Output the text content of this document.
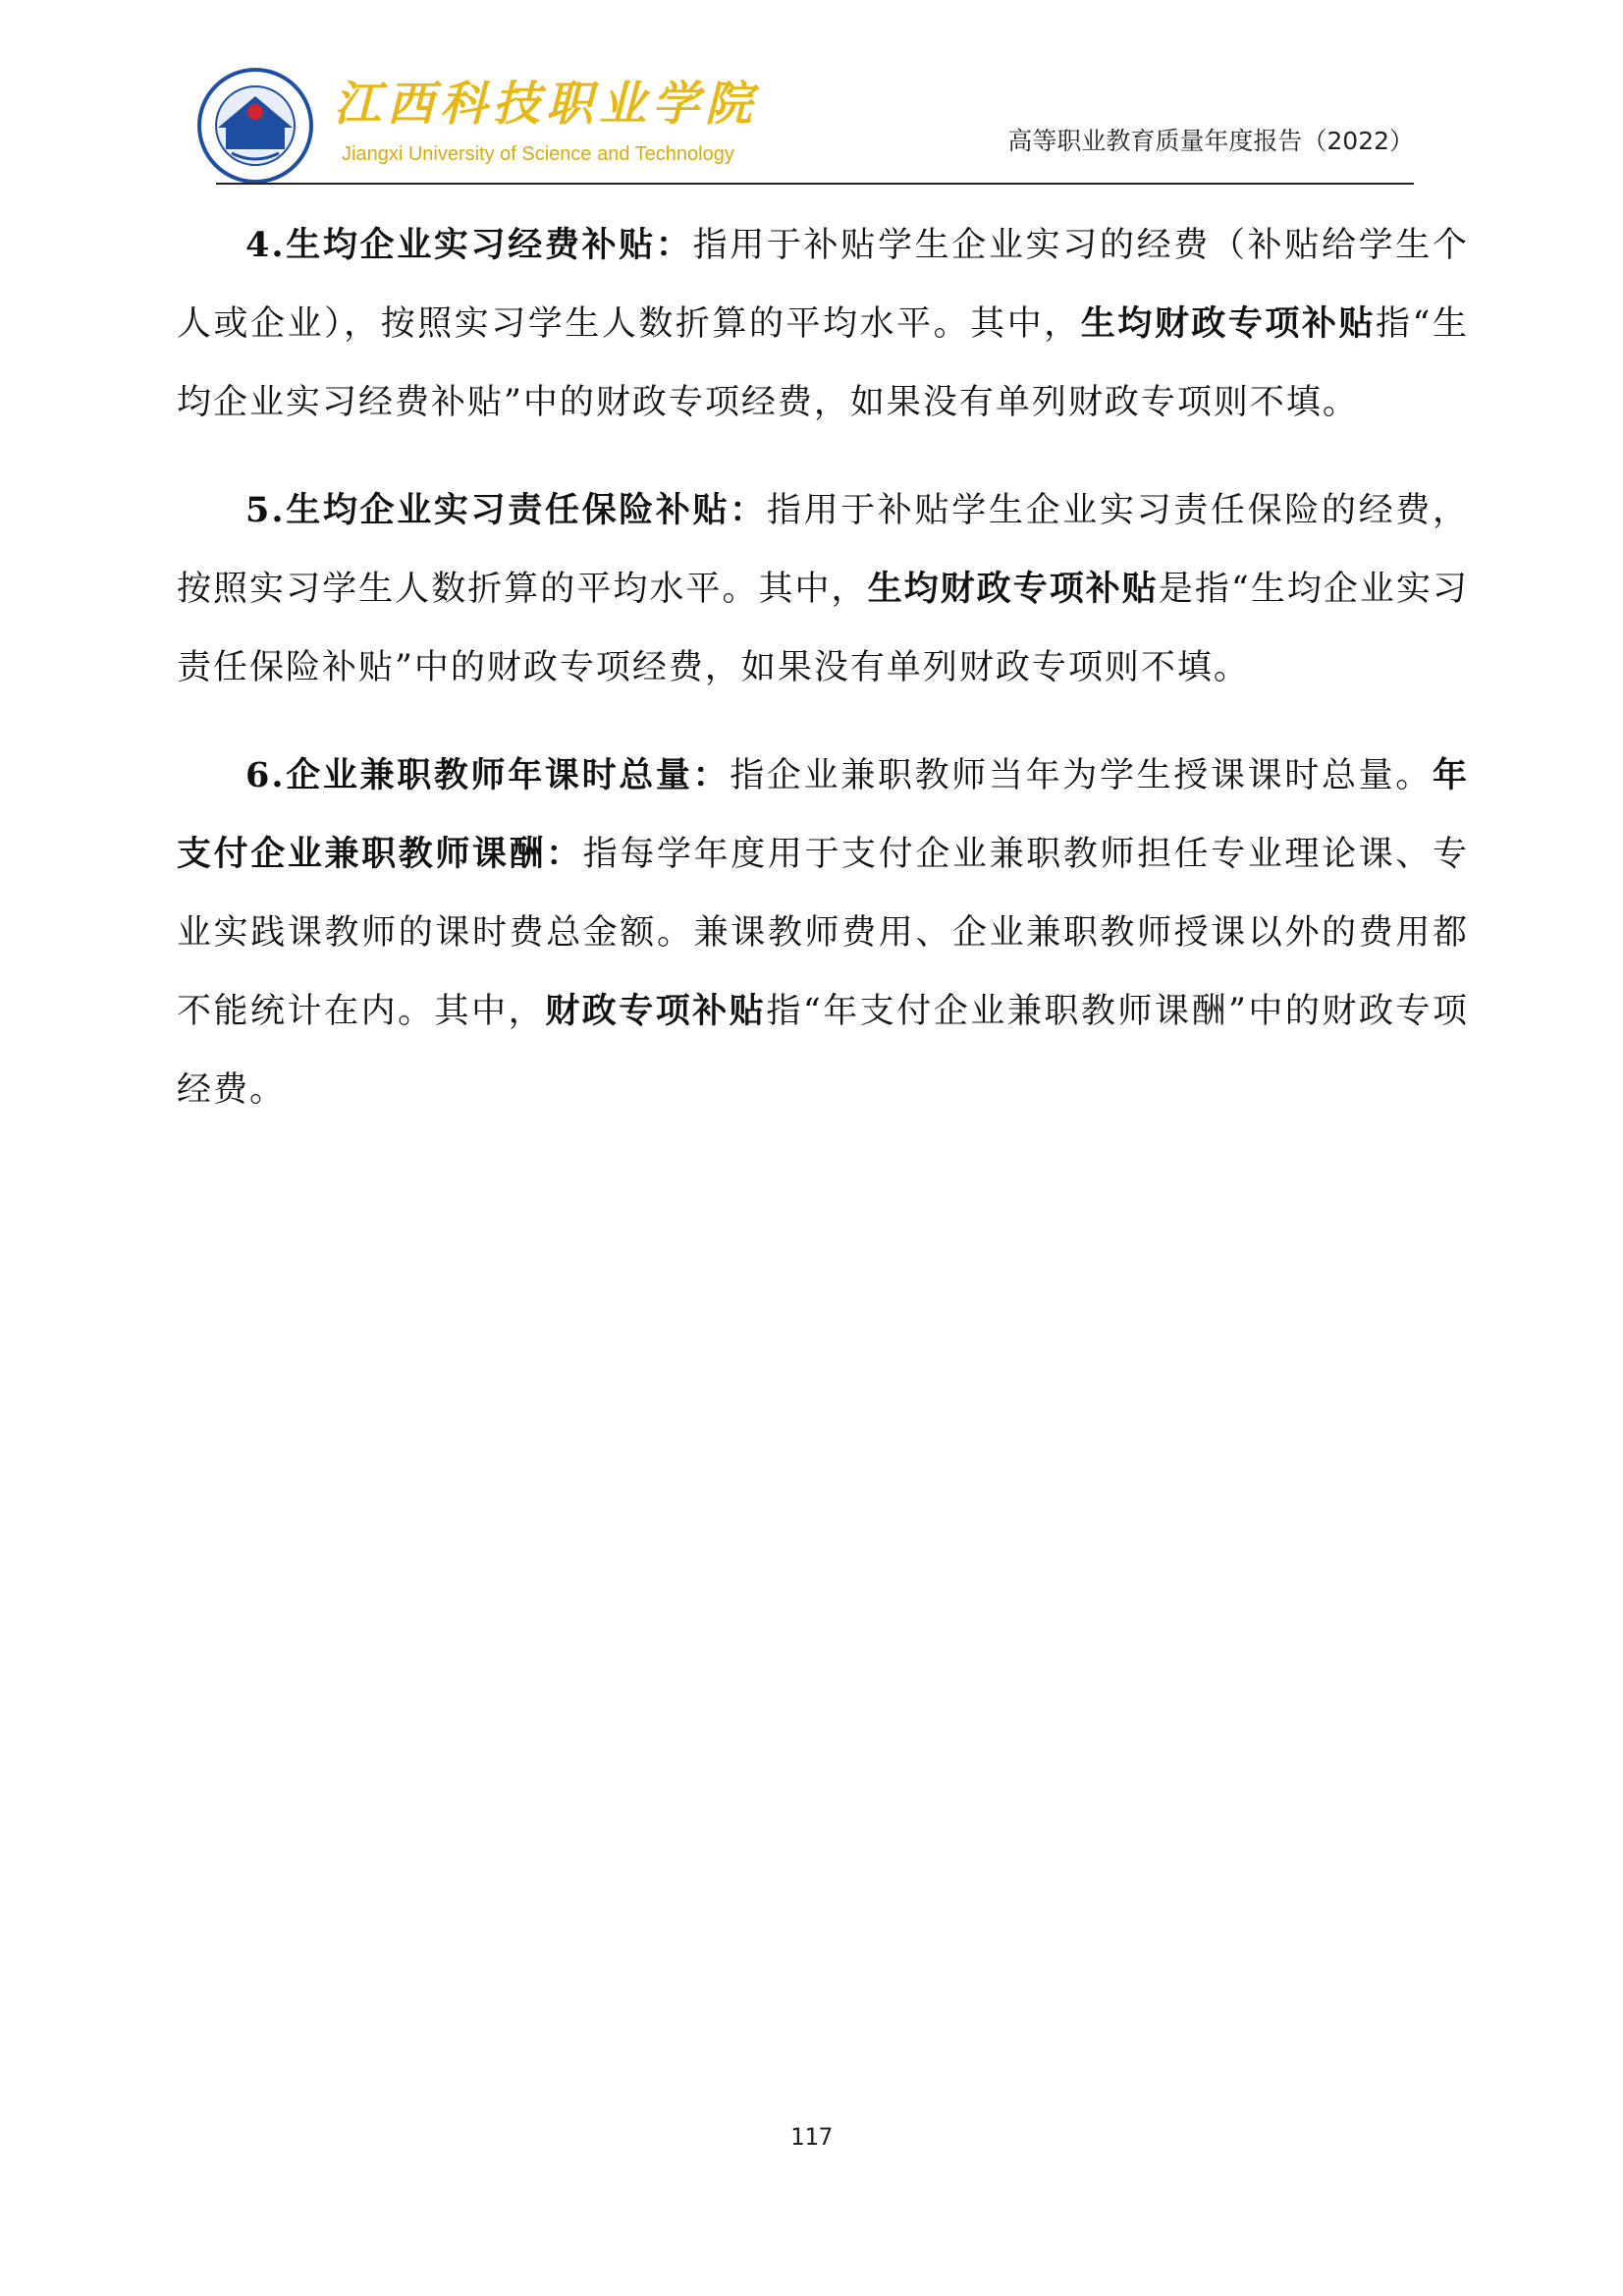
江西科技职业学院
Jiangxi University of Science and Technology	高等职业教育质量年度报告（2022）

4.生均企业实习经费补贴：指用于补贴学生企业实习的经费（补贴给学生个人或企业），按照实习学生人数折算的平均水平。其中，生均财政专项补贴指“生均企业实习经费补贴”中的财政专项经费，如果没有单列财政专项则不填。

5.生均企业实习责任保险补贴：指用于补贴学生企业实习责任保险的经费，按照实习学生人数折算的平均水平。其中，生均财政专项补贴是指“生均企业实习责任保险补贴”中的财政专项经费，如果没有单列财政专项则不填。

6.企业兼职教师年课时总量：指企业兼职教师当年为学生授课课时总量。年支付企业兼职教师课酬：指每学年度用于支付企业兼职教师担任专业理论课、专业实践课教师的课时费总金额。兼课教师费用、企业兼职教师授课以外的费用都不能统计在内。其中，财政专项补贴指“年支付企业兼职教师课酬”中的财政专项经费。

117
